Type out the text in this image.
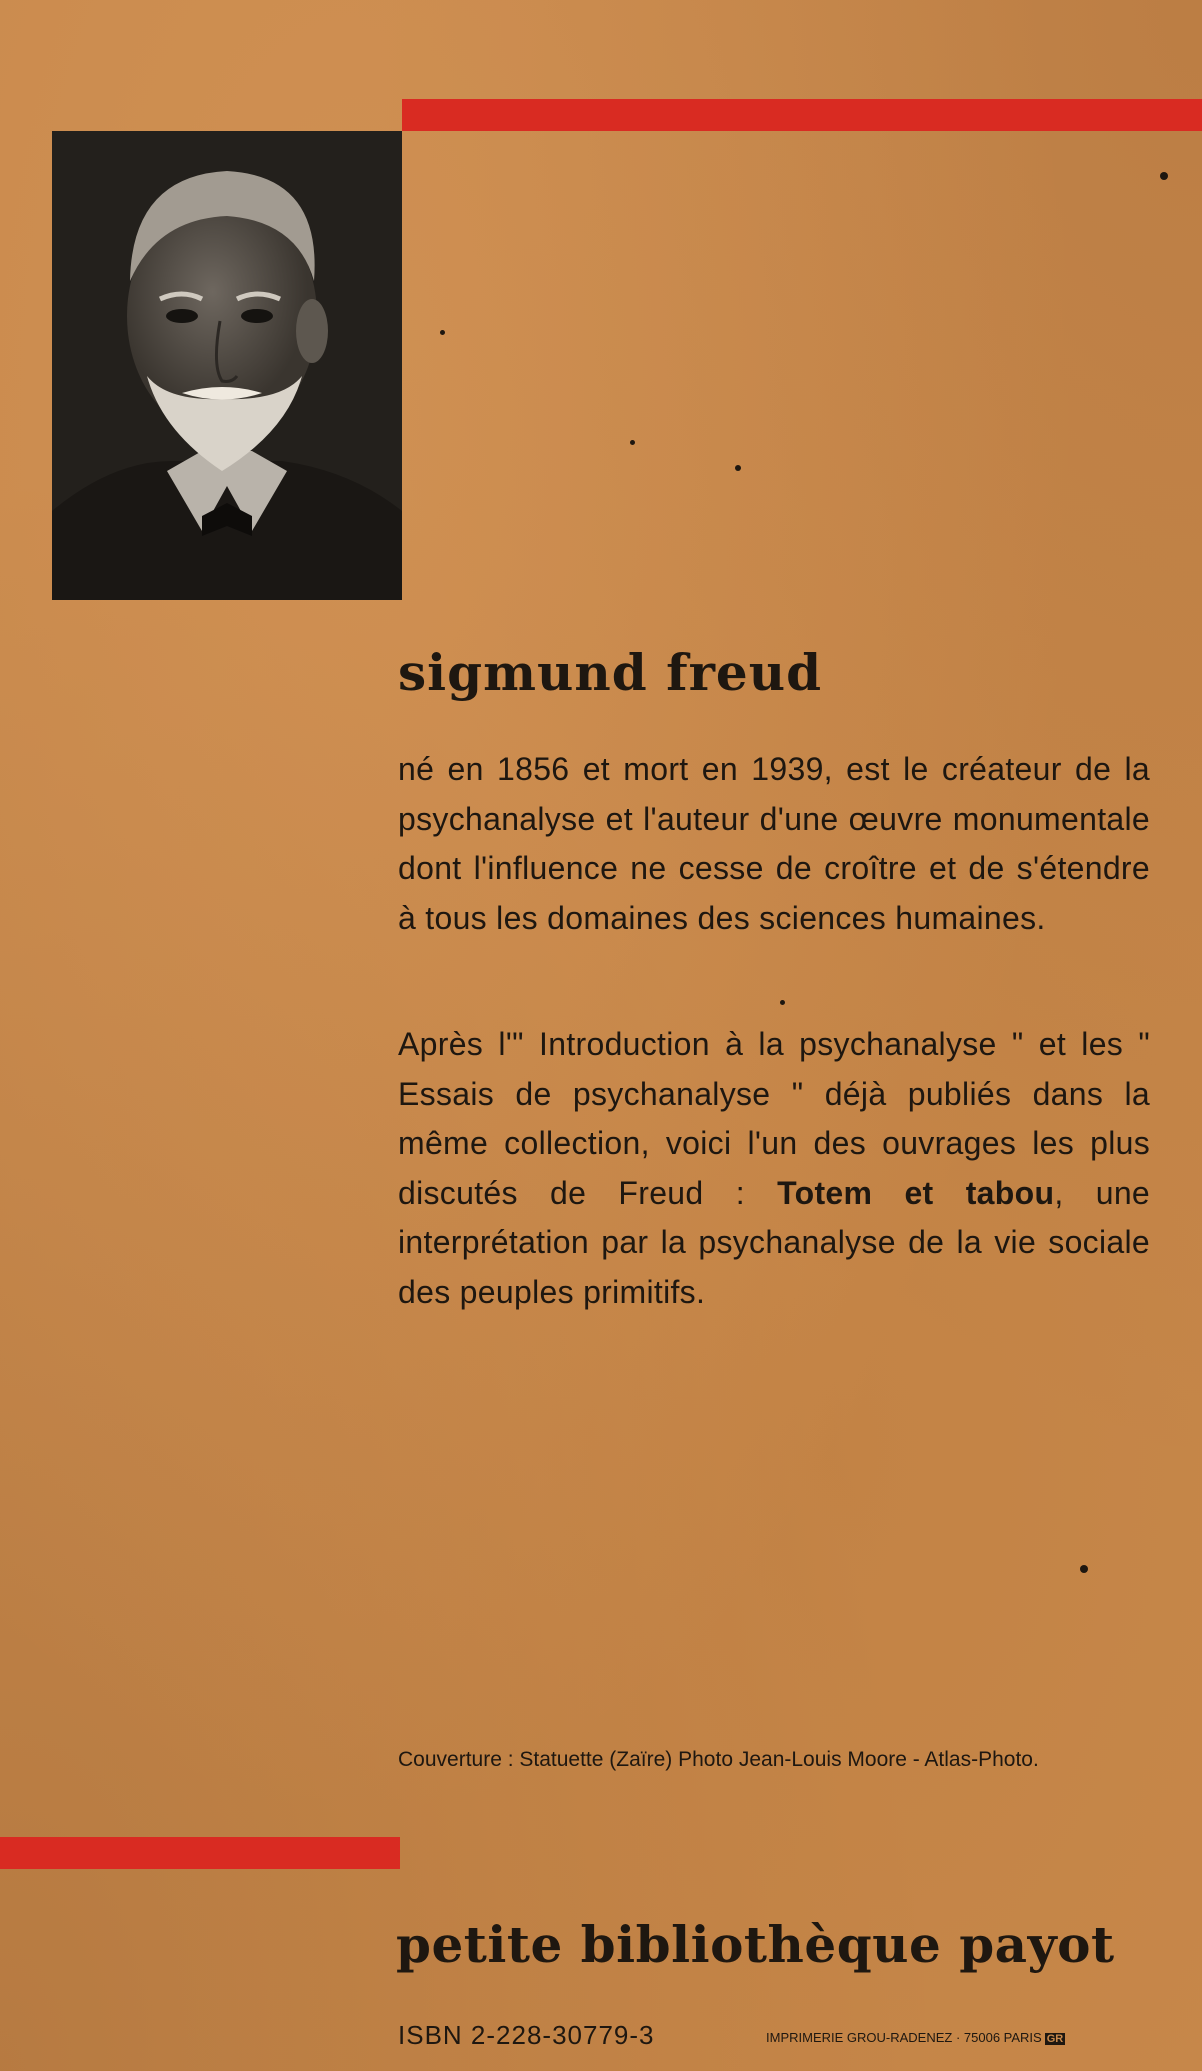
sigmund freud

né en 1856 et mort en 1939, est le créateur de la psychanalyse et l'auteur d'une œuvre monumentale dont l'influence ne cesse de croître et de s'étendre à tous les domaines des sciences humaines.

Après l'" Introduction à la psychanalyse " et les " Essais de psychanalyse " déjà publiés dans la même collection, voici l'un des ouvrages les plus discutés de Freud : Totem et tabou, une interprétation par la psychanalyse de la vie sociale des peuples primitifs.

Couverture : Statuette (Zaïre) Photo Jean-Louis Moore - Atlas-Photo.

petite bibliothèque payot

ISBN 2-228-30779-3	IMPRIMERIE GROU-RADENEZ · 75006 PARIS GR
